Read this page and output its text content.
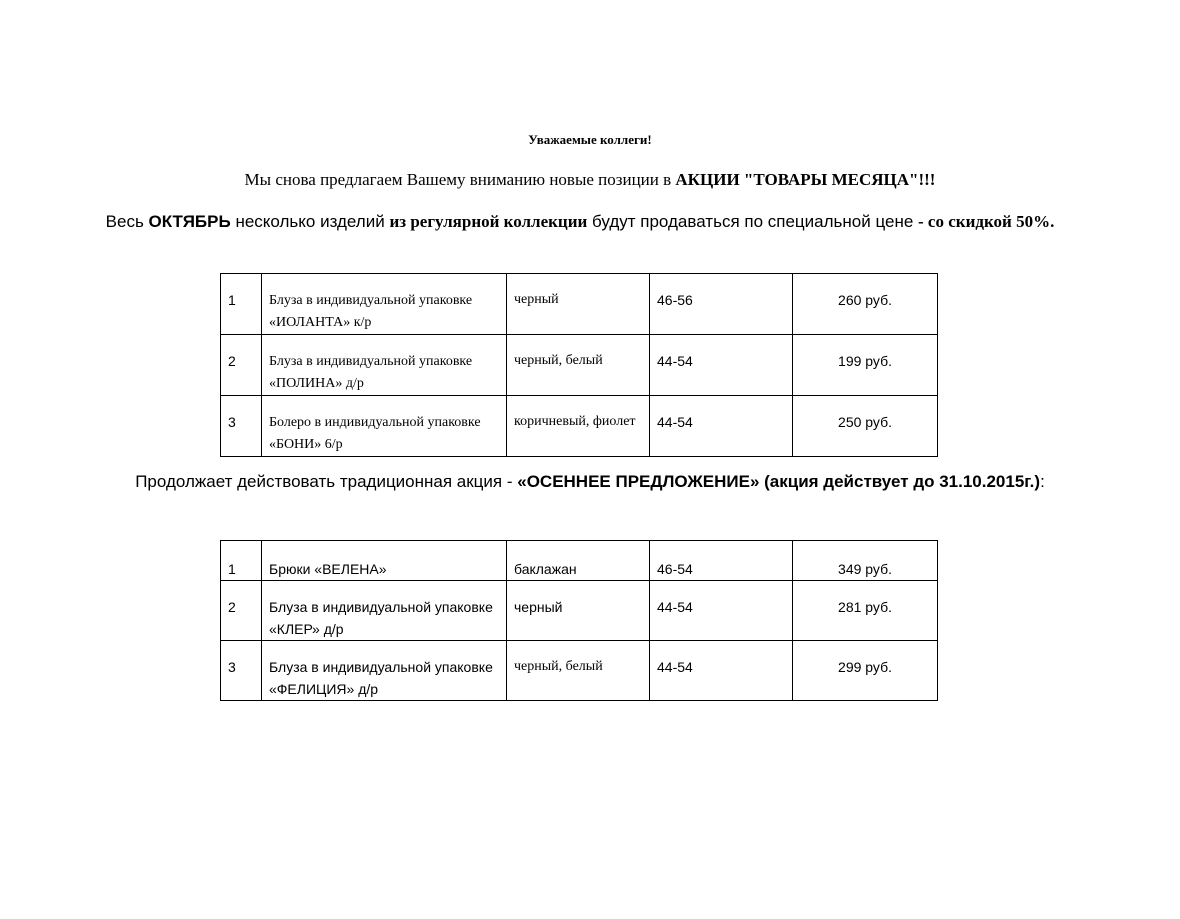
Уважаемые коллеги!
Мы снова предлагаем Вашему вниманию новые позиции в АКЦИИ "ТОВАРЫ МЕСЯЦА"!!!
Весь ОКТЯБРЬ несколько изделий из регулярной коллекции будут продаваться по специальной цене - со скидкой 50%.
1	Блуза в индивидуальной упаковке «ИОЛАНТА» к/р	черный	46-56	260 руб.
2	Блуза в индивидуальной упаковке «ПОЛИНА» д/р	черный, белый	44-54	199 руб.
3	Болеро в индивидуальной упаковке «БОНИ» 6/р	коричневый, фиолет	44-54	250 руб.
Продолжает действовать традиционная акция - «ОСЕННЕЕ ПРЕДЛОЖЕНИЕ» (акция действует до 31.10.2015г.):
1	Брюки «ВЕЛЕНА»	баклажан	46-54	349 руб.
2	Блуза в индивидуальной упаковке «КЛЕР» д/р	черный	44-54	281 руб.
3	Блуза в индивидуальной упаковке «ФЕЛИЦИЯ» д/р	черный, белый	44-54	299 руб.
